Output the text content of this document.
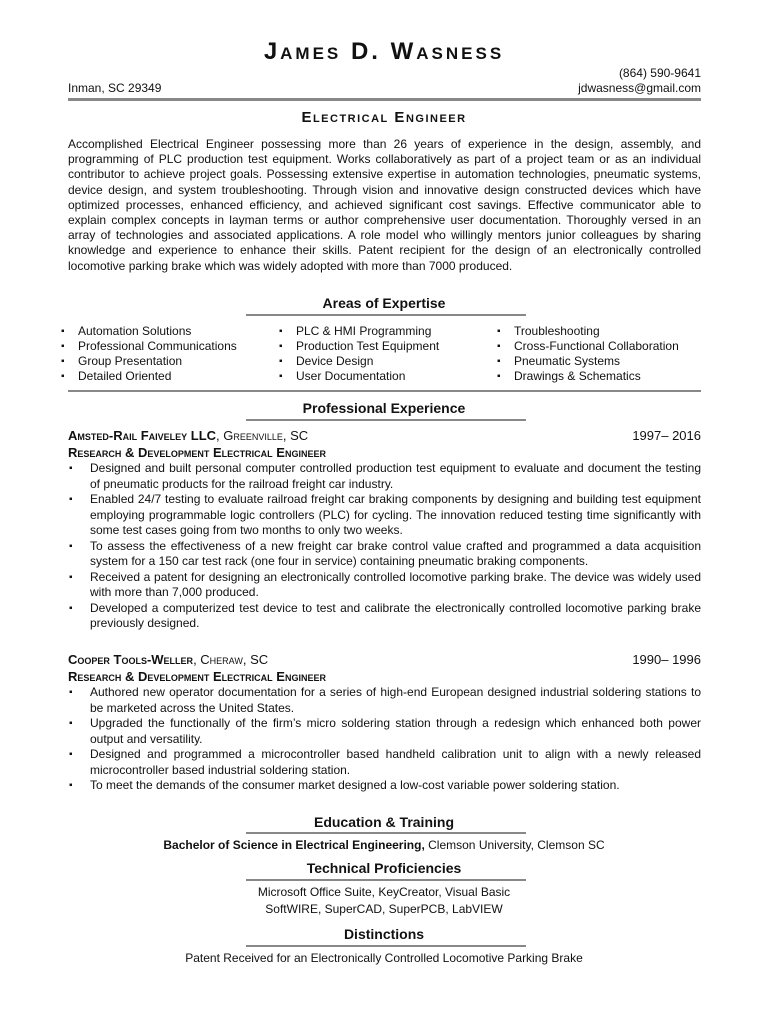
James D. Wasness
Inman, SC 29349
(864) 590-9641
jdwasness@gmail.com
Electrical Engineer
Accomplished Electrical Engineer possessing more than 26 years of experience in the design, assembly, and programming of PLC production test equipment. Works collaboratively as part of a project team or as an individual contributor to achieve project goals. Possessing extensive expertise in automation technologies, pneumatic systems, device design, and system troubleshooting. Through vision and innovative design constructed devices which have optimized processes, enhanced efficiency, and achieved significant cost savings. Effective communicator able to explain complex concepts in layman terms or author comprehensive user documentation. Thoroughly versed in an array of technologies and associated applications. A role model who willingly mentors junior colleagues by sharing knowledge and experience to enhance their skills. Patent recipient for the design of an electronically controlled locomotive parking brake which was widely adopted with more than 7000 produced.
Areas of Expertise
▪ Automation Solutions
▪ Professional Communications
▪ Group Presentation
▪ Detailed Oriented
▪ PLC & HMI Programming
▪ Production Test Equipment
▪ Device Design
▪ User Documentation
▪ Troubleshooting
▪ Cross-Functional Collaboration
▪ Pneumatic Systems
▪ Drawings & Schematics
Professional Experience
Amsted-Rail Faiveley LLC, Greenville, SC	1997– 2016
Research & Development Electrical Engineer
▪ Designed and built personal computer controlled production test equipment to evaluate and document the testing of pneumatic products for the railroad freight car industry.
▪ Enabled 24/7 testing to evaluate railroad freight car braking components by designing and building test equipment employing programmable logic controllers (PLC) for cycling. The innovation reduced testing time significantly with some test cases going from two months to only two weeks.
▪ To assess the effectiveness of a new freight car brake control value crafted and programmed a data acquisition system for a 150 car test rack (one four in service) containing pneumatic braking components.
▪ Received a patent for designing an electronically controlled locomotive parking brake. The device was widely used with more than 7,000 produced.
▪ Developed a computerized test device to test and calibrate the electronically controlled locomotive parking brake previously designed.
Cooper Tools-Weller, Cheraw, SC	1990– 1996
Research & Development Electrical Engineer
▪ Authored new operator documentation for a series of high-end European designed industrial soldering stations to be marketed across the United States.
▪ Upgraded the functionally of the firm’s micro soldering station through a redesign which enhanced both power output and versatility.
▪ Designed and programmed a microcontroller based handheld calibration unit to align with a newly released microcontroller based industrial soldering station.
▪ To meet the demands of the consumer market designed a low-cost variable power soldering station.
Education & Training
Bachelor of Science in Electrical Engineering, Clemson University, Clemson SC
Technical Proficiencies
Microsoft Office Suite, KeyCreator, Visual Basic
SoftWIRE, SuperCAD, SuperPCB, LabVIEW
Distinctions
Patent Received for an Electronically Controlled Locomotive Parking Brake
